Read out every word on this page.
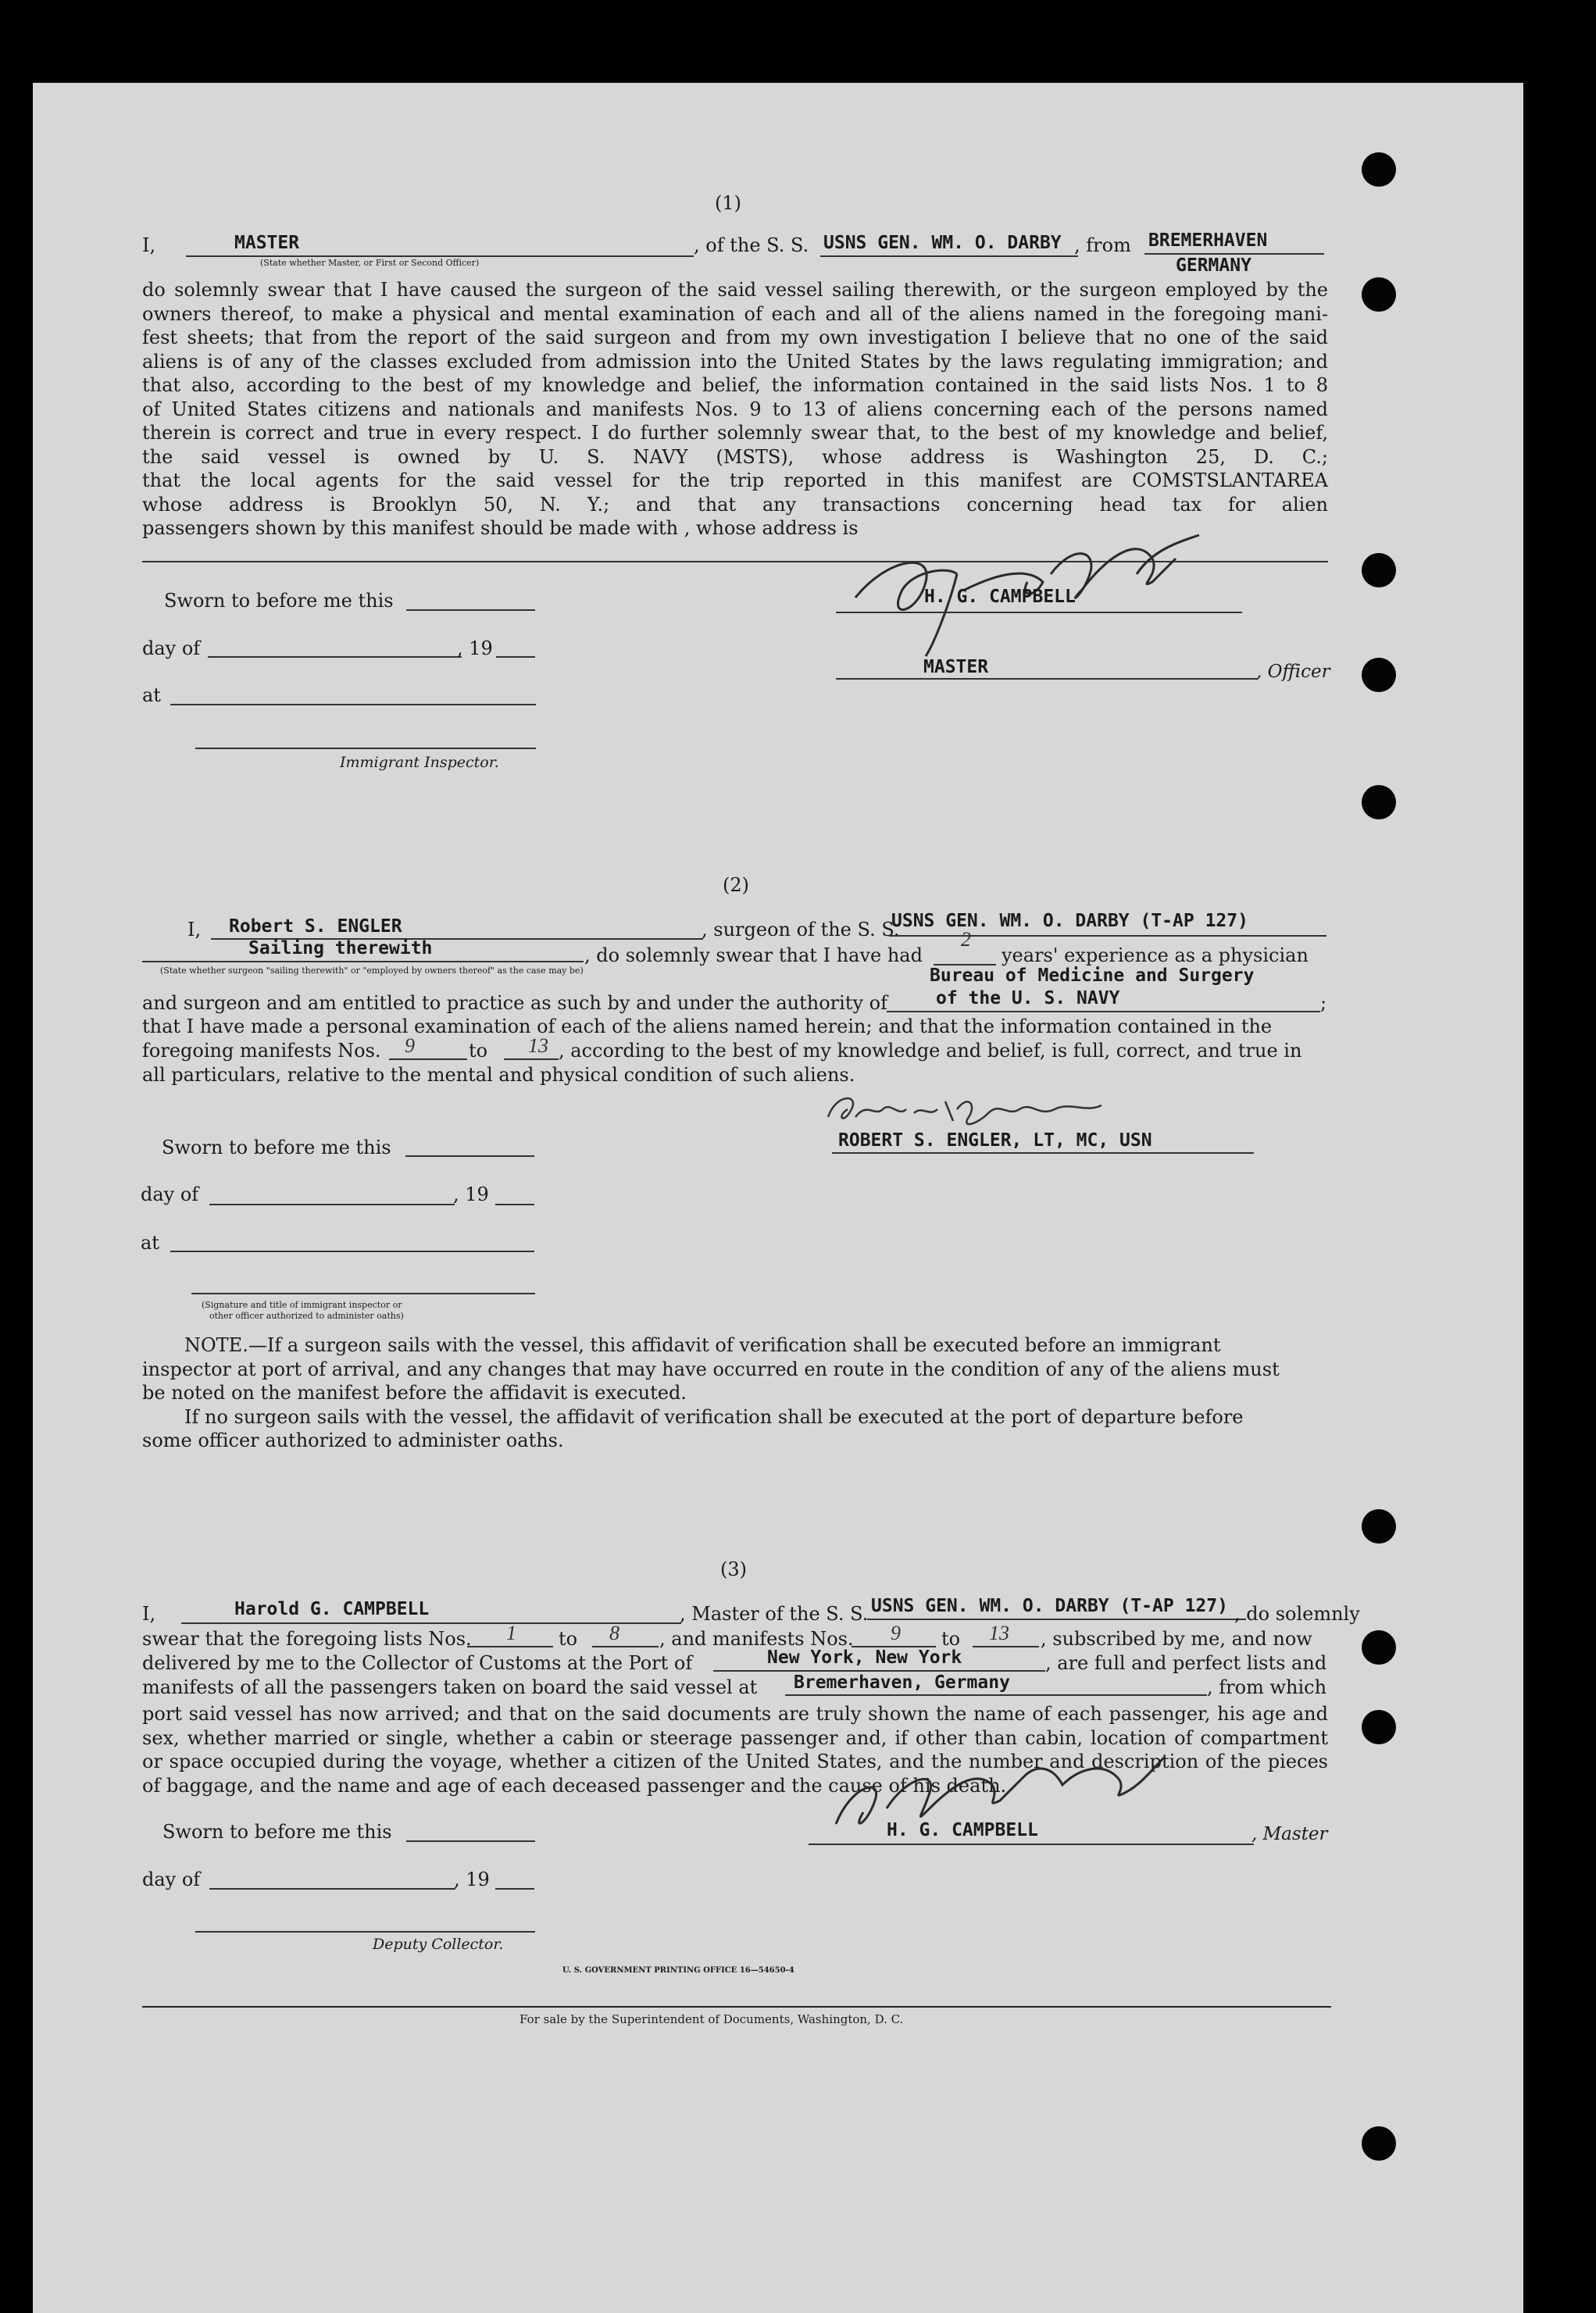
(1)
I,	MASTER
(State whether Master, or First or Second Officer)
, of the S. S. USNS GEN. WM. O. DARBY , from BREMERHAVEN
GERMANY
do solemnly swear that I have caused the surgeon of the said vessel sailing therewith, or the surgeon employed by the
owners thereof, to make a physical and mental examination of each and all of the aliens named in the foregoing mani-
fest sheets; that from the report of the said surgeon and from my own investigation I believe that no one of the said
aliens is of any of the classes excluded from admission into the United States by the laws regulating immigration; and
that also, according to the best of my knowledge and belief, the information contained in the said lists Nos. 1 to 8
of United States citizens and nationals and manifests Nos. 9 to 13 of aliens concerning each of the persons named
therein is correct and true in every respect. I do further solemnly swear that, to the best of my knowledge and belief,
the said vessel is owned by U. S. NAVY (MSTS), whose address is Washington 25, D. C.;
that the local agents for the said vessel for the trip reported in this manifest are COMSTSLANTAREA
whose address is Brooklyn 50, N. Y.; and that any transactions concerning head tax for alien
passengers shown by this manifest should be made with , whose address is
Sworn to before me this
day of	, 19
at
Immigrant Inspector.
H. G. CAMPBELL
MASTER	, Officer
(2)
I, Robert S. ENGLER	, surgeon of the S. S.
USNS GEN. WM. O. DARBY (T-AP 127)
Sailing therewith	, do solemnly swear that I have had
2
years' experience as a physician
(State whether surgeon "sailing therewith" or "employed by owners thereof" as the case may be)	Bureau of Medicine and Surgery
and surgeon and am entitled to practice as such by and under the authority of	of the U. S. NAVY	;
that I have made a personal examination of each of the aliens named herein; and that the information contained in the
foregoing manifests Nos. 9	to 13 , according to the best of my knowledge and belief, is full, correct, and true in
all particulars, relative to the mental and physical condition of such aliens.
ROBERT S. ENGLER, LT, MC, USN
Sworn to before me this
day of	, 19
at
(Signature and title of immigrant inspector or
other officer authorized to administer oaths)
NOTE.—If a surgeon sails with the vessel, this affidavit of verification shall be executed before an immigrant
inspector at port of arrival, and any changes that may have occurred en route in the condition of any of the aliens must
be noted on the manifest before the affidavit is executed.
If no surgeon sails with the vessel, the affidavit of verification shall be executed at the port of departure before
some officer authorized to administer oaths.
(3)
I,	Harold G. CAMPBELL	, Master of the S. S. USNS GEN. WM. O. DARBY (T-AP 127) , do solemnly
swear that the foregoing lists Nos. 1 to 8 , and manifests Nos. 9 to 13 , subscribed by me, and now
delivered by me to the Collector of Customs at the Port of	New York, New York	, are full and perfect lists and
manifests of all the passengers taken on board the said vessel at Bremerhaven, Germany	, from which
port said vessel has now arrived; and that on the said documents are truly shown the name of each passenger, his age and
sex, whether married or single, whether a cabin or steerage passenger and, if other than cabin, location of compartment
or space occupied during the voyage, whether a citizen of the United States, and the number and description of the pieces
of baggage, and the name and age of each deceased passenger and the cause of his death.
H. G. CAMPBELL	, Master
Sworn to before me this
day of	, 19
Deputy Collector.
U. S. GOVERNMENT PRINTING OFFICE 16—54650-4
For sale by the Superintendent of Documents, Washington, D. C.
